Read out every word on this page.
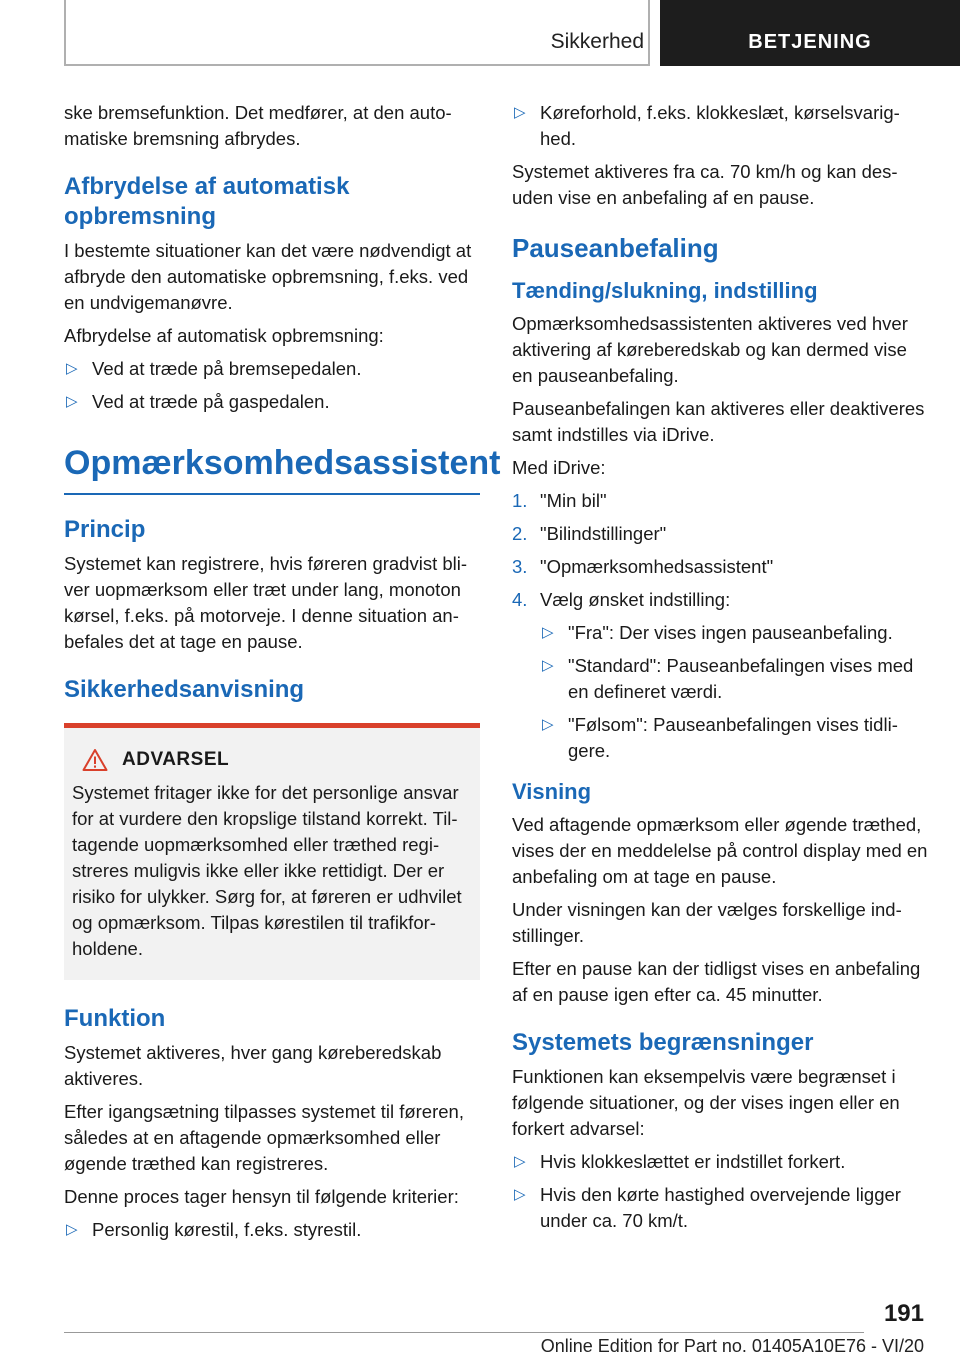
Sikkerhed	BETJENING

ske bremsefunktion. Det medfører, at den automatiske bremsning afbrydes.

Afbrydelse af automatisk opbremsning

I bestemte situationer kan det være nødvendigt at afbryde den automatiske opbremsning, f.eks. ved en undvigemanøvre.

Afbrydelse af automatisk opbremsning:

▷ Ved at træde på bremsepedalen.
▷ Ved at træde på gaspedalen.
Opmærksomhedsassistent
Princip

Systemet kan registrere, hvis føreren gradvist bliver uopmærksom eller træt under lang, monoton kørsel, f.eks. på motorveje. I denne situation anbefales det at tage en pause.

Sikkerhedsanvisning
ADVARSEL

Systemet fritager ikke for det personlige ansvar for at vurdere den kropslige tilstand korrekt. Tiltagende uopmærksomhed eller træthed registreres muligvis ikke eller ikke rettidigt. Der er risiko for ulykker. Sørg for, at føreren er udhvilet og opmærksom. Tilpas kørestilen til trafikforholdene.

Funktion

Systemet aktiveres, hver gang køreberedskab aktiveres.

Efter igangsætning tilpasses systemet til føreren, således at en aftagende opmærksomhed eller øgende træthed kan registreres.

Denne proces tager hensyn til følgende kriterier:

▷ Personlig kørestil, f.eks. styrestil.
▷ Køreforhold, f.eks. klokkeslæt, kørselsvarighed.

Systemet aktiveres fra ca. 70 km/h og kan desuden vise en anbefaling af en pause.

Pauseanbefaling
Tænding/slukning, indstilling

Opmærksomhedsassistenten aktiveres ved hver aktivering af køreberedskab og kan dermed vise en pauseanbefaling.

Pauseanbefalingen kan aktiveres eller deaktiveres samt indstilles via iDrive.

Med iDrive:

1. "Min bil"
2. "Bilindstillinger"
3. "Opmærksomhedsassistent"
4. Vælg ønsket indstilling:
▷ "Fra": Der vises ingen pauseanbefaling.
▷ "Standard": Pauseanbefalingen vises med en defineret værdi.
▷ "Følsom": Pauseanbefalingen vises tidligere.
Visning

Ved aftagende opmærksom eller øgende træthed, vises der en meddelelse på control display med en anbefaling om at tage en pause.

Under visningen kan der vælges forskellige indstillinger.

Efter en pause kan der tidligst vises en anbefaling af en pause igen efter ca. 45 minutter.

Systemets begrænsninger

Funktionen kan eksempelvis være begrænset i følgende situationer, og der vises ingen eller en forkert advarsel:

▷ Hvis klokkeslættet er indstillet forkert.
▷ Hvis den kørte hastighed overvejende ligger under ca. 70 km/t.
191
Online Edition for Part no. 01405A10E76 - VI/20
